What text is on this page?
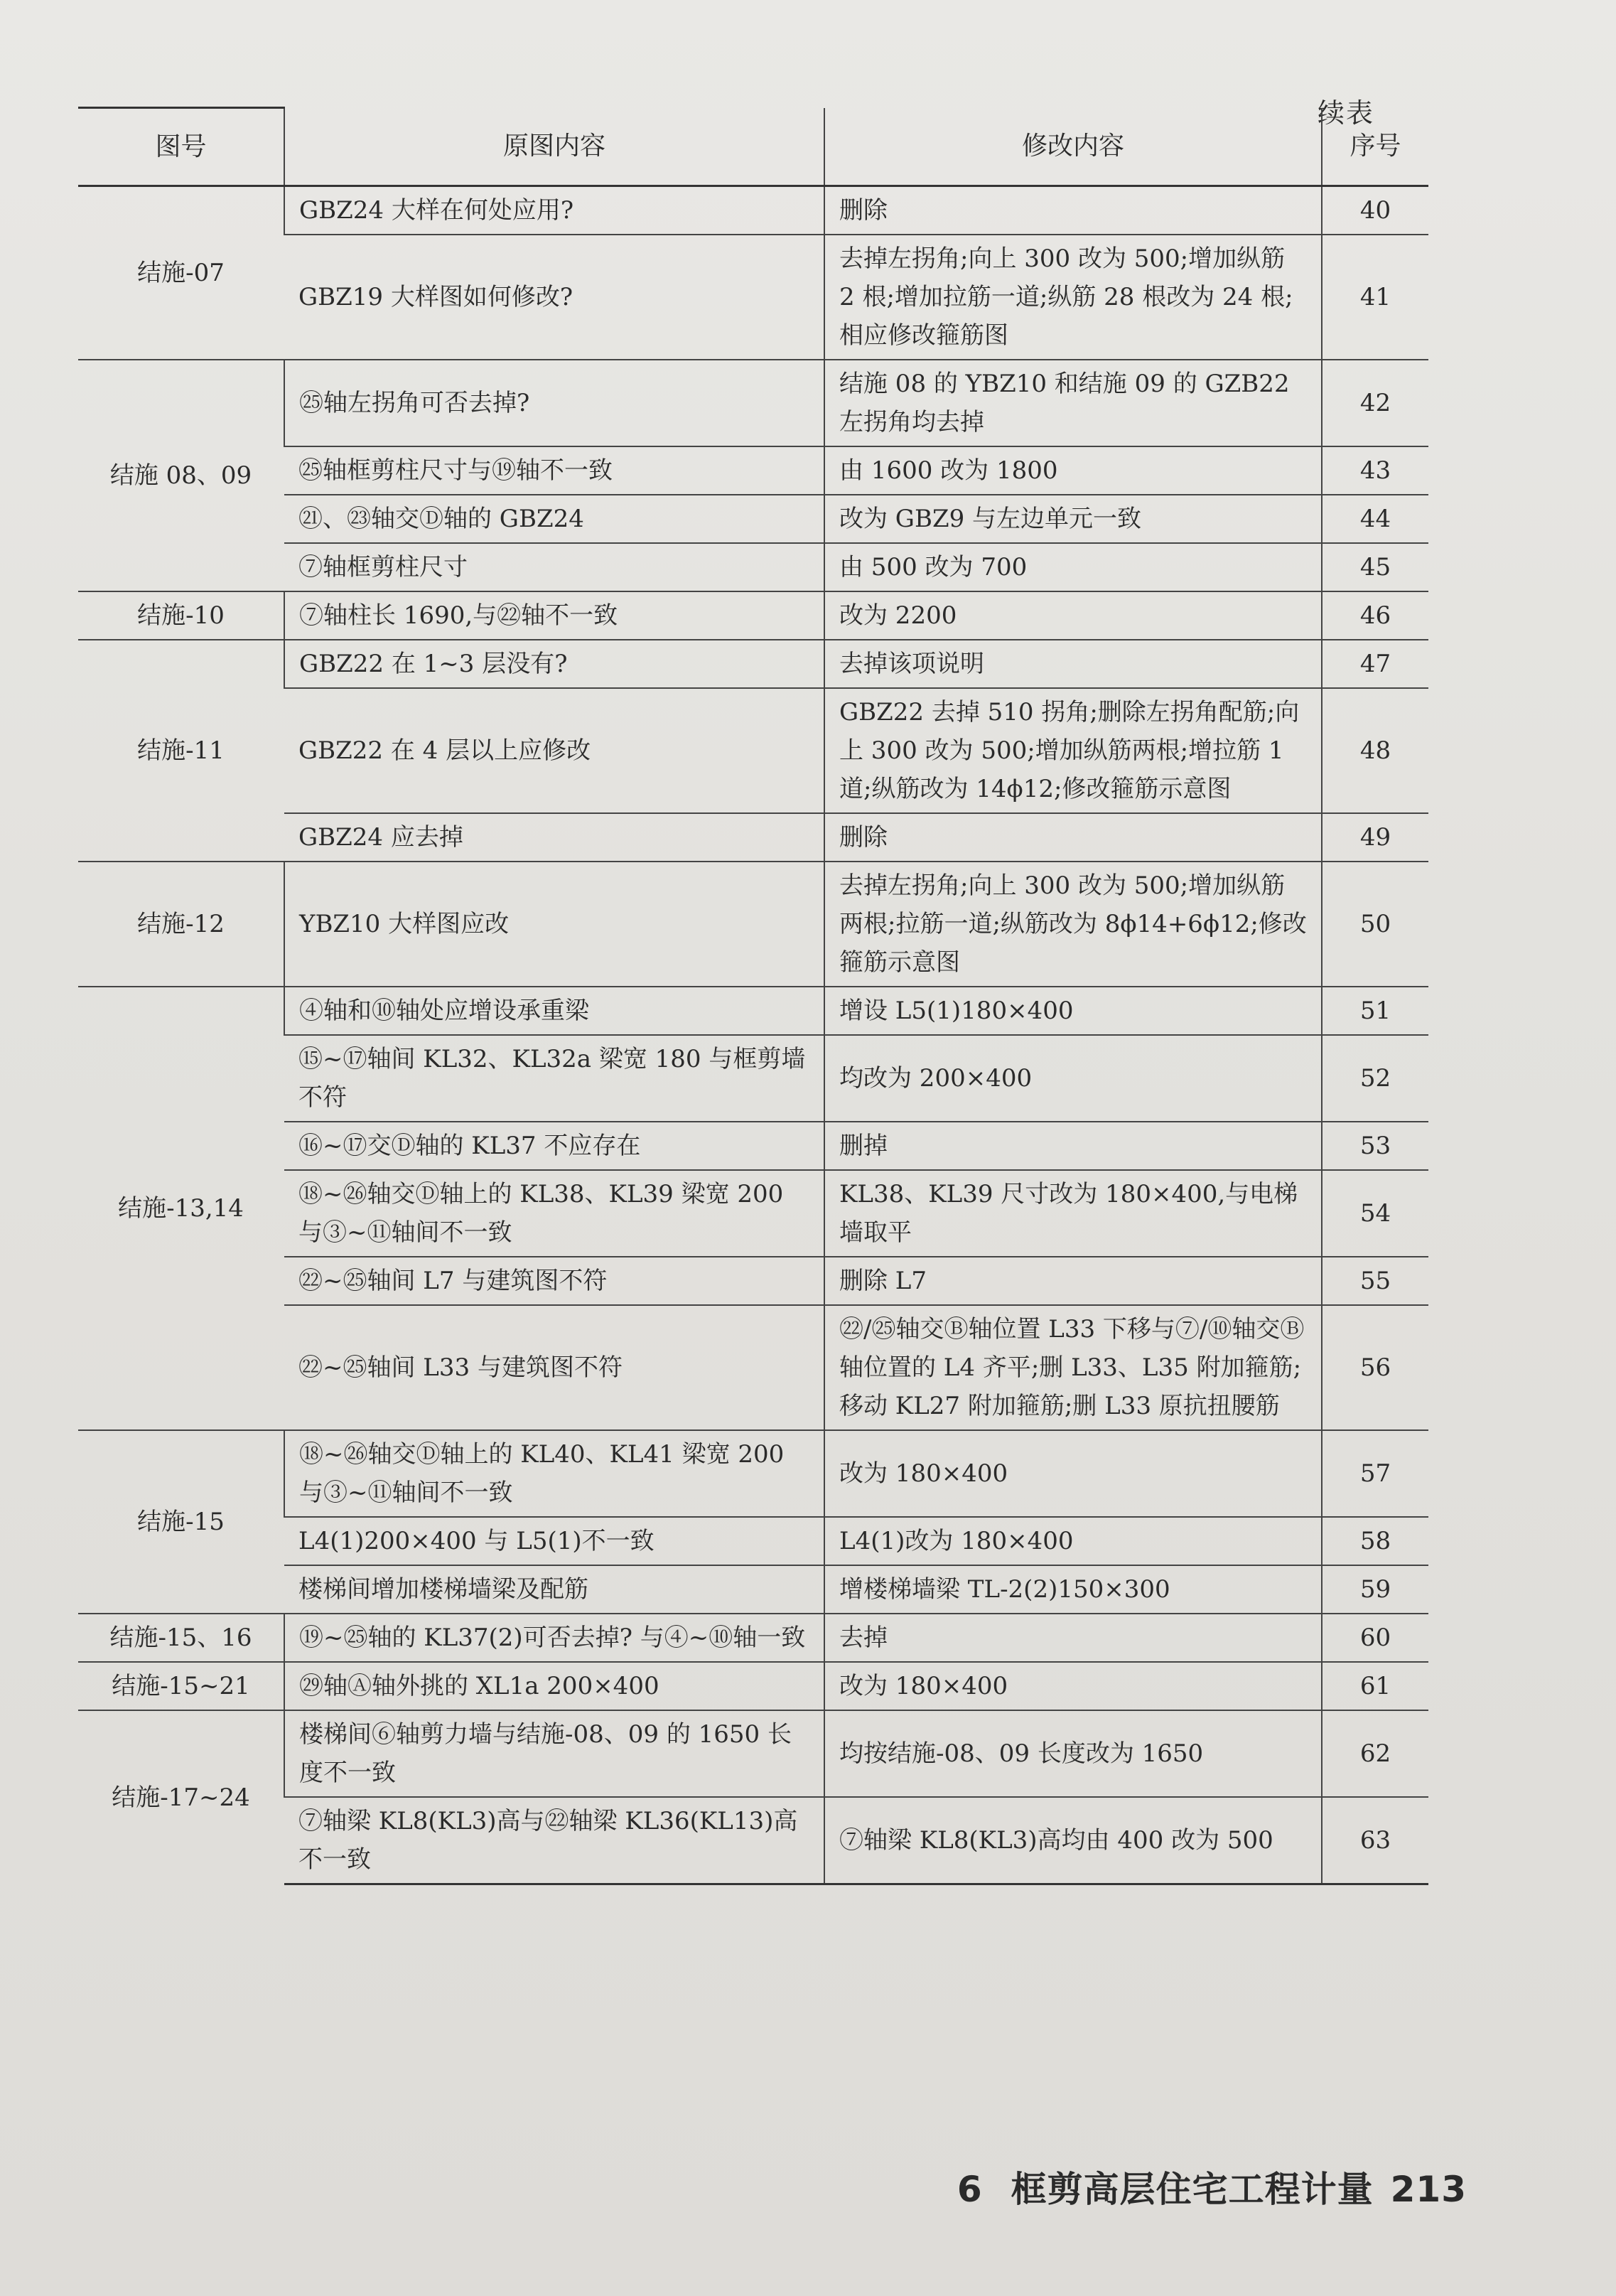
续表
图号	原图内容	修改内容	序号
结施-07	GBZ24 大样在何处应用?	删除	40
	GBZ19 大样图如何修改?	去掉左拐角;向上 300 改为 500;增加纵筋 2 根;增加拉筋一道;纵筋 28 根改为 24 根;相应修改箍筋图	41
结施 08、09	㉕轴左拐角可否去掉?	结施 08 的 YBZ10 和结施 09 的 GZB22 左拐角均去掉	42
	㉕轴框剪柱尺寸与⑲轴不一致	由 1600 改为 1800	43
	㉑、㉓轴交Ⓓ轴的 GBZ24	改为 GBZ9 与左边单元一致	44
	⑦轴框剪柱尺寸	由 500 改为 700	45
结施-10	⑦轴柱长 1690,与㉒轴不一致	改为 2200	46
结施-11	GBZ22 在 1~3 层没有?	去掉该项说明	47
	GBZ22 在 4 层以上应修改	GBZ22 去掉 510 拐角;删除左拐角配筋;向上 300 改为 500;增加纵筋两根;增拉筋 1 道;纵筋改为 14ϕ12;修改箍筋示意图	48
	GBZ24 应去掉	删除	49
结施-12	YBZ10 大样图应改	去掉左拐角;向上 300 改为 500;增加纵筋两根;拉筋一道;纵筋改为 8ϕ14+6ϕ12;修改箍筋示意图	50
结施-13,14	④轴和⑩轴处应增设承重梁	增设 L5(1)180×400	51
	⑮~⑰轴间 KL32、KL32a 梁宽 180 与框剪墙不符	均改为 200×400	52
	⑯~⑰交Ⓓ轴的 KL37 不应存在	删掉	53
	⑱~㉖轴交Ⓓ轴上的 KL38、KL39 梁宽 200 与③~⑪轴间不一致	KL38、KL39 尺寸改为 180×400,与电梯墙取平	54
	㉒~㉕轴间 L7 与建筑图不符	删除 L7	55
	㉒~㉕轴间 L33 与建筑图不符	㉒/㉕轴交Ⓑ轴位置 L33 下移与⑦/⑩轴交Ⓑ轴位置的 L4 齐平;删 L33、L35 附加箍筋;移动 KL27 附加箍筋;删 L33 原抗扭腰筋	56
结施-15	⑱~㉖轴交Ⓓ轴上的 KL40、KL41 梁宽 200 与③~⑪轴间不一致	改为 180×400	57
	L4(1)200×400 与 L5(1)不一致	L4(1)改为 180×400	58
	楼梯间增加楼梯墙梁及配筋	增楼梯墙梁 TL-2(2)150×300	59
结施-15、16	⑲~㉕轴的 KL37(2)可否去掉? 与④~⑩轴一致	去掉	60
结施-15~21	㉙轴Ⓐ轴外挑的 XL1a 200×400	改为 180×400	61
结施-17~24	楼梯间⑥轴剪力墙与结施-08、09 的 1650 长度不一致	均按结施-08、09 长度改为 1650	62
	⑦轴梁 KL8(KL3)高与㉒轴梁 KL36(KL13)高不一致	⑦轴梁 KL8(KL3)高均由 400 改为 500	63
6 框剪高层住宅工程计量 213
